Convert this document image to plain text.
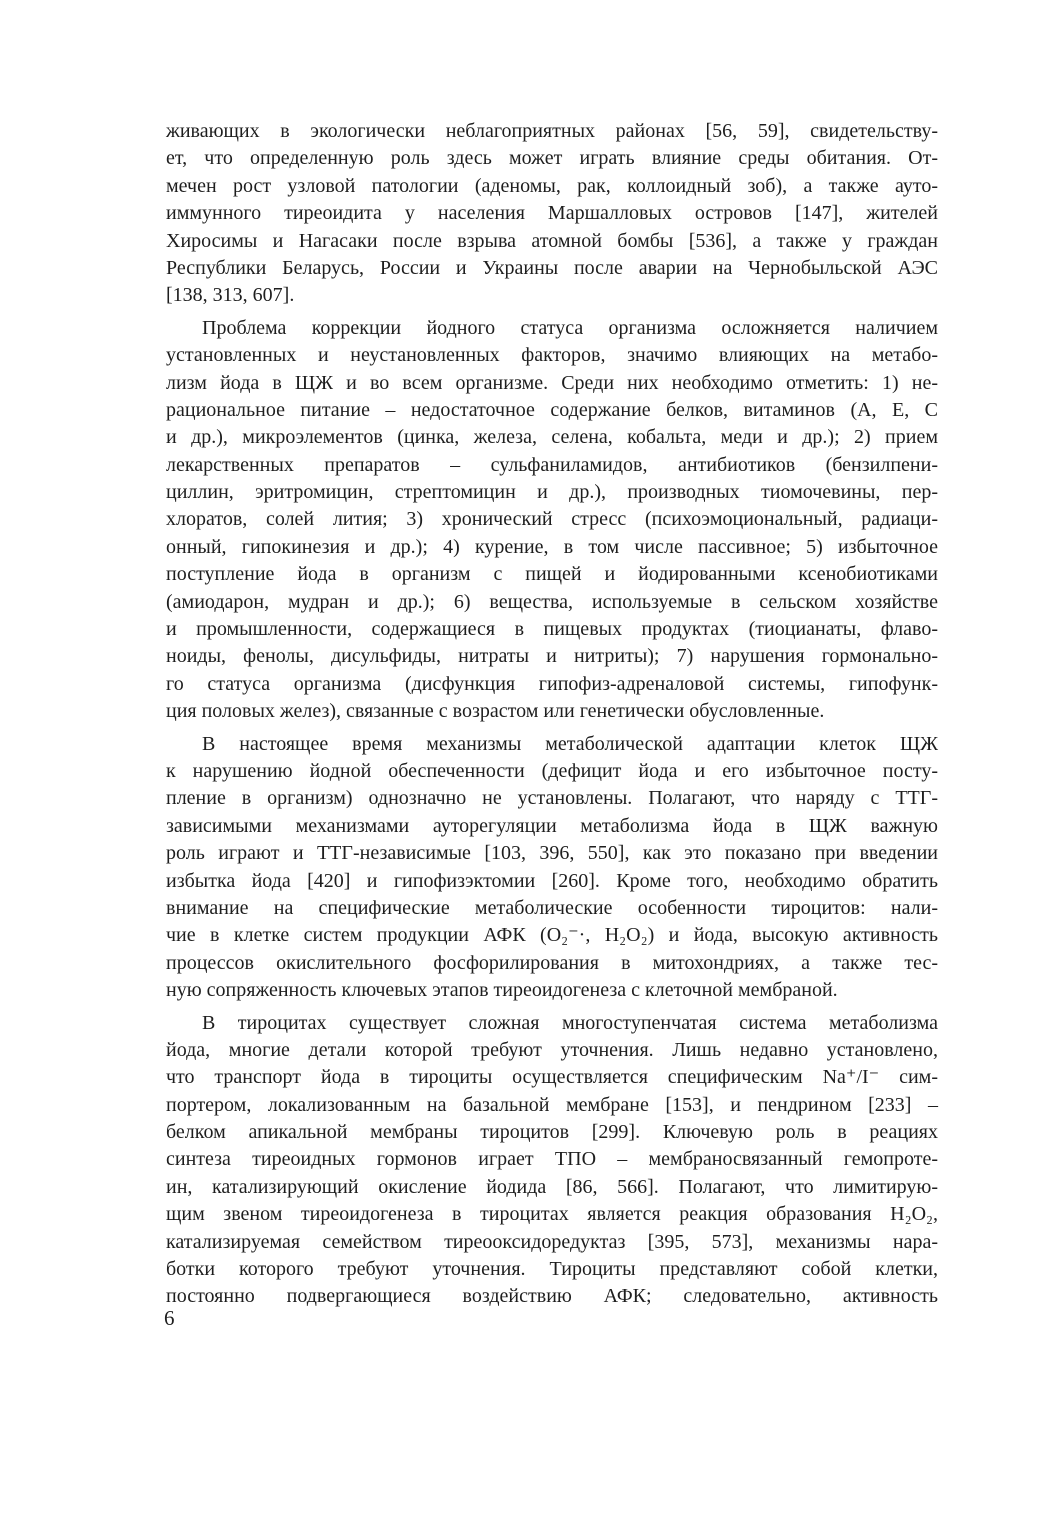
живающих в экологически неблагоприятных районах [56, 59], свидетельству-
ет, что определенную роль здесь может играть влияние среды обитания. От-
мечен рост узловой патологии (аденомы, рак, коллоидный зоб), а также ауто-
иммунного тиреоидита у населения Маршалловых островов [147], жителей
Хиросимы и Нагасаки после взрыва атомной бомбы [536], а также у граждан
Республики Беларусь, России и Украины после аварии на Чернобыльской АЭС
[138, 313, 607].
Проблема коррекции йодного статуса организма осложняется наличием
установленных и неустановленных факторов, значимо влияющих на метабо-
лизм йода в ЩЖ и во всем организме. Среди них необходимо отметить: 1) не-
рациональное питание – недостаточное содержание белков, витаминов (А, Е, С
и др.), микроэлементов (цинка, железа, селена, кобальта, меди и др.); 2) прием
лекарственных препаратов – сульфаниламидов, антибиотиков (бензилпени-
циллин, эритромицин, стрептомицин и др.), производных тиомочевины, пер-
хлоратов, солей лития; 3) хронический стресс (психоэмоциональный, радиаци-
онный, гипокинезия и др.); 4) курение, в том числе пассивное; 5) избыточное
поступление йода в организм с пищей и йодированными ксенобиотиками
(амиодарон, мудран и др.); 6) вещества, используемые в сельском хозяйстве
и промышленности, содержащиеся в пищевых продуктах (тиоцианаты, флаво-
ноиды, фенолы, дисульфиды, нитраты и нитриты); 7) нарушения гормонально-
го статуса организма (дисфункция гипофиз-адреналовой системы, гипофунк-
ция половых желез), связанные с возрастом или генетически обусловленные.
В настоящее время механизмы метаболической адаптации клеток ЩЖ
к нарушению йодной обеспеченности (дефицит йода и его избыточное посту-
пление в организм) однозначно не установлены. Полагают, что наряду с ТТГ-
зависимыми механизмами ауторегуляции метаболизма йода в ЩЖ важную
роль играют и ТТГ-независимые [103, 396, 550], как это показано при введении
избытка йода [420] и гипофизэктомии [260]. Кроме того, необходимо обратить
внимание на специфические метаболические особенности тироцитов: нали-
чие в клетке систем продукции АФК (O₂⁻·, H₂O₂) и йода, высокую активность
процессов окислительного фосфорилирования в митохондриях, а также тес-
ную сопряженность ключевых этапов тиреоидогенеза с клеточной мембраной.
В тироцитах существует сложная многоступенчатая система метаболизма
йода, многие детали которой требуют уточнения. Лишь недавно установлено,
что транспорт йода в тироциты осуществляется специфическим Na⁺/I⁻ сим-
портером, локализованным на базальной мембране [153], и пендрином [233] –
белком апикальной мембраны тироцитов [299]. Ключевую роль в реациях
синтеза тиреоидных гормонов играет ТПО – мембраносвязанный гемопроте-
ин, катализирующий окисление йодида [86, 566]. Полагают, что лимитирую-
щим звеном тиреоидогенеза в тироцитах является реакция образования H₂O₂,
катализируемая семейством тиреооксидоредуктаз [395, 573], механизмы нара-
ботки которого требуют уточнения. Тироциты представляют собой клетки,
постоянно подвергающиеся воздействию АФК; следовательно, активность
6
